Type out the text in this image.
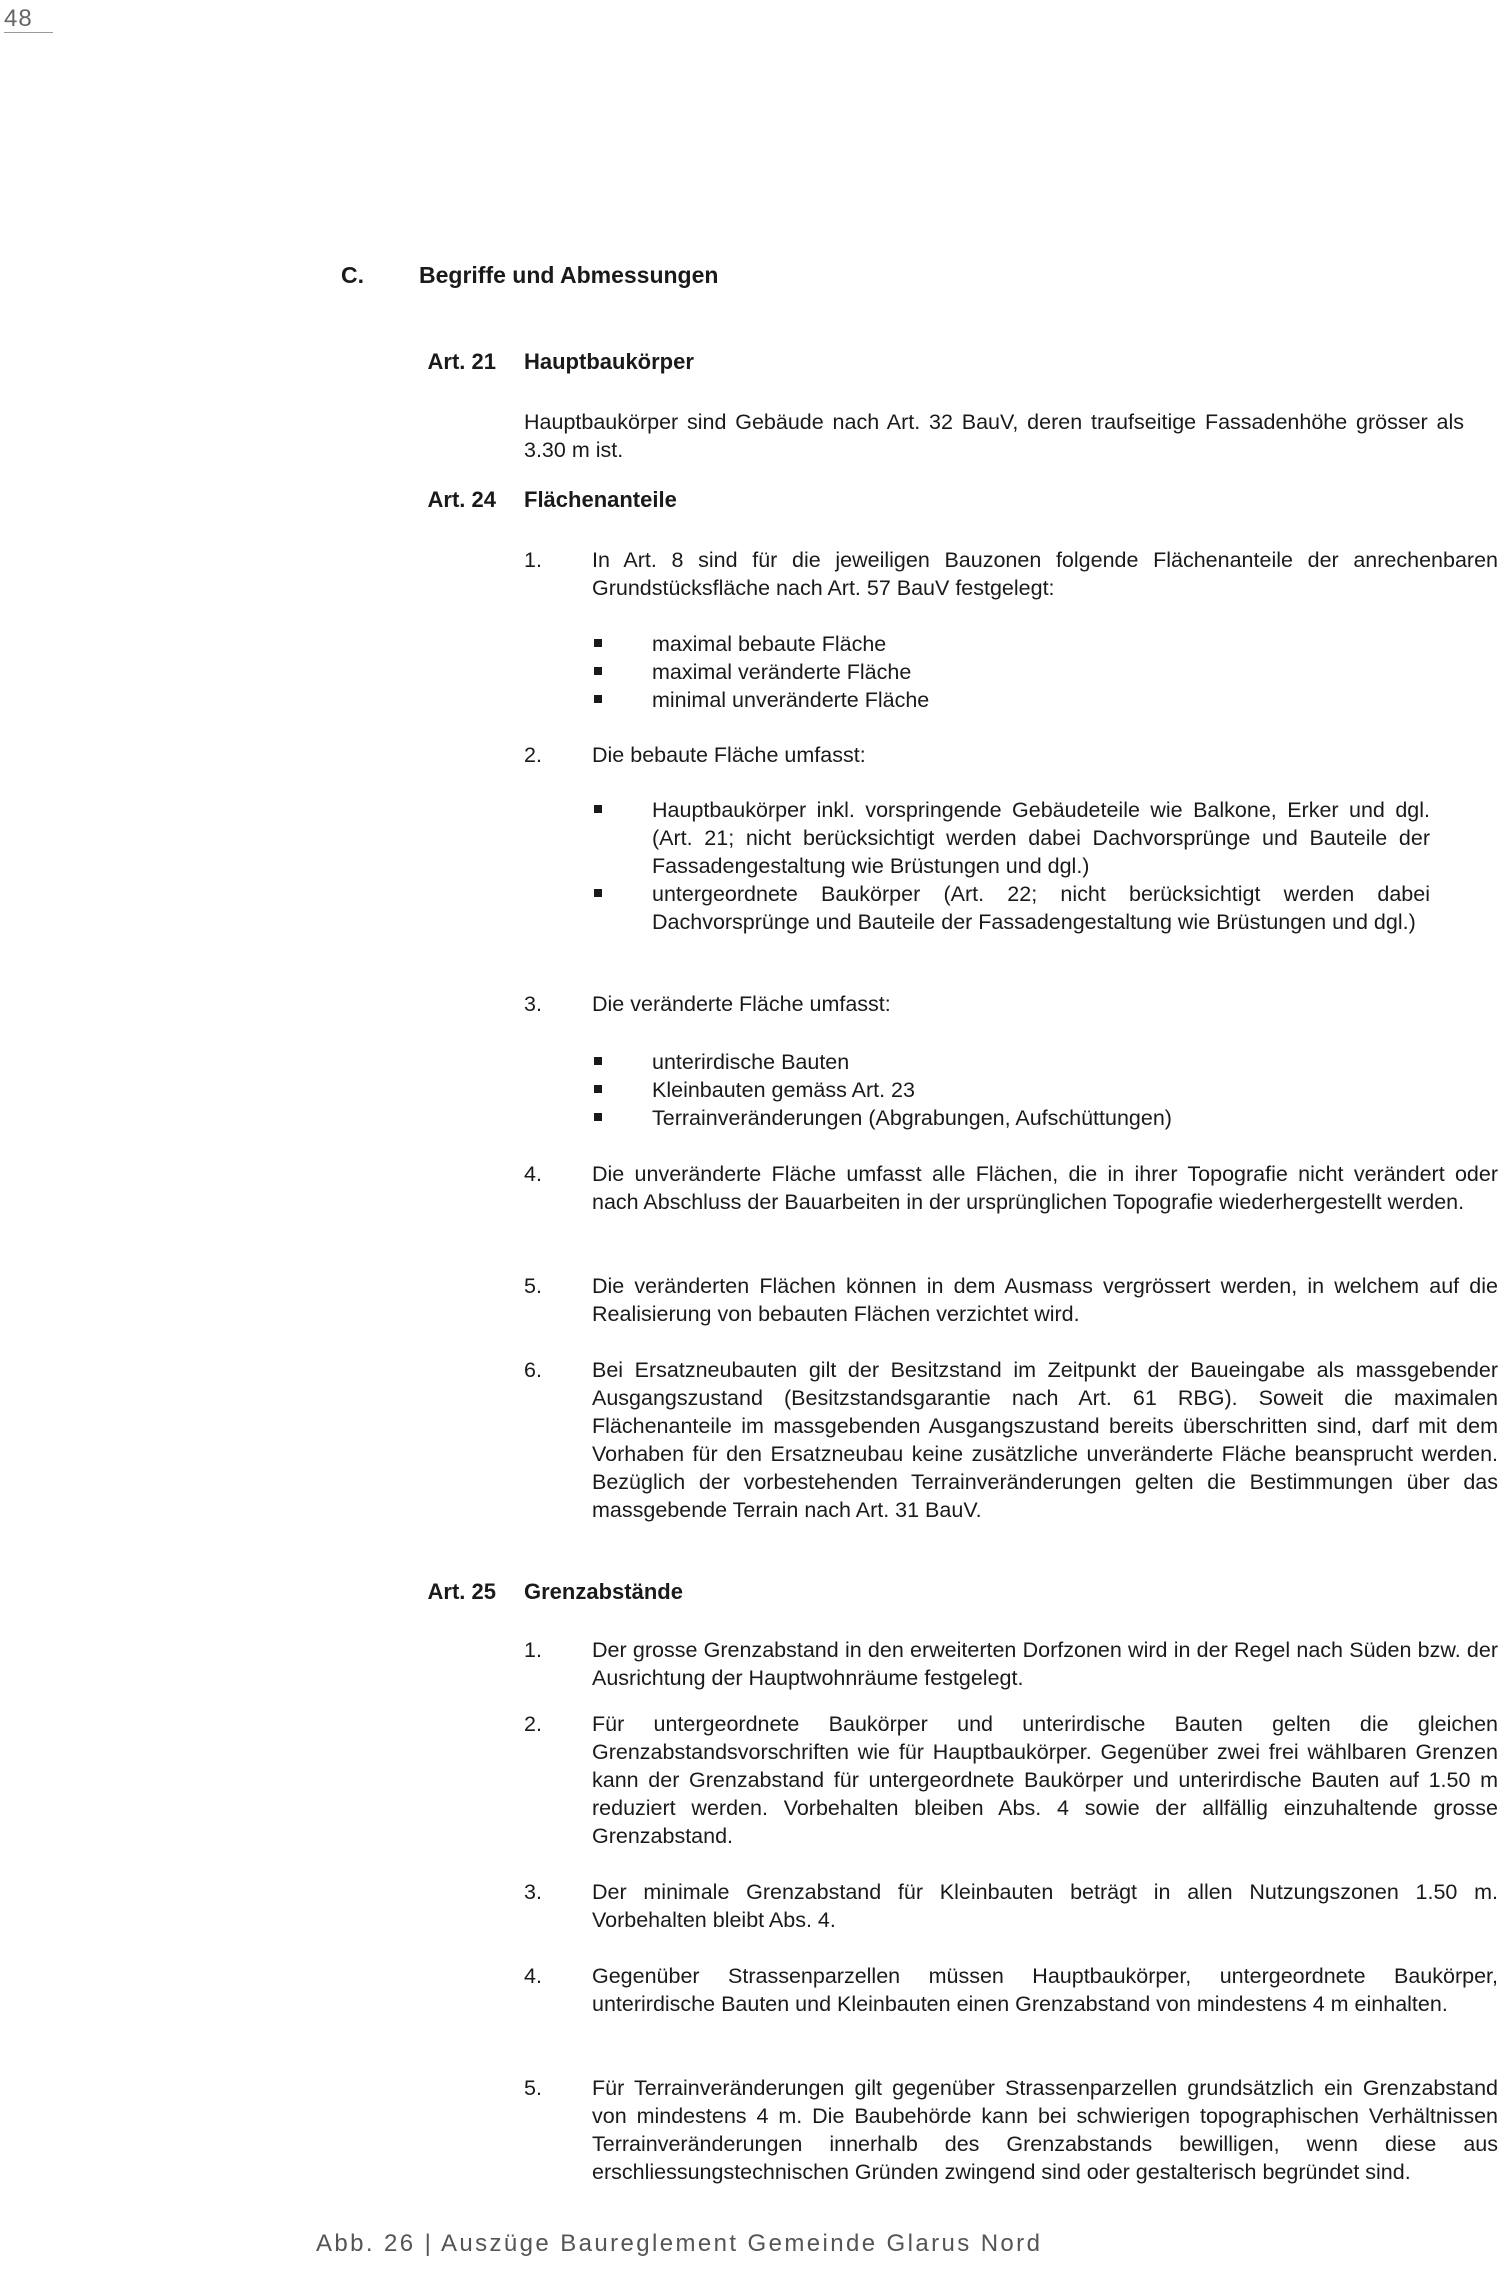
48
C. Begriffe und Abmessungen
Art. 21 Hauptbaukörper
Hauptbaukörper sind Gebäude nach Art. 32 BauV, deren traufseitige Fassadenhöhe grösser als 3.30 m ist.
Art. 24 Flächenanteile
1.	In Art. 8 sind für die jeweiligen Bauzonen folgende Flächenanteile der anrechenbaren Grundstücksfläche nach Art. 57 BauV festgelegt:
maximal bebaute Fläche
maximal veränderte Fläche
minimal unveränderte Fläche
2.	Die bebaute Fläche umfasst:
Hauptbaukörper inkl. vorspringende Gebäudeteile wie Balkone, Erker und dgl. (Art. 21; nicht berücksichtigt werden dabei Dachvorsprünge und Bauteile der Fassadengestaltung wie Brüstungen und dgl.)
untergeordnete Baukörper (Art. 22; nicht berücksichtigt werden dabei Dachvorsprünge und Bauteile der Fassadengestaltung wie Brüstungen und dgl.)
3.	Die veränderte Fläche umfasst:
unterirdische Bauten
Kleinbauten gemäss Art. 23
Terrainveränderungen (Abgrabungen, Aufschüttungen)
4.	Die unveränderte Fläche umfasst alle Flächen, die in ihrer Topografie nicht verändert oder nach Abschluss der Bauarbeiten in der ursprünglichen Topografie wiederhergestellt werden.
5.	Die veränderten Flächen können in dem Ausmass vergrössert werden, in welchem auf die Realisierung von bebauten Flächen verzichtet wird.
6.	Bei Ersatzneubauten gilt der Besitzstand im Zeitpunkt der Baueingabe als massgebender Ausgangszustand (Besitzstandsgarantie nach Art. 61 RBG). Soweit die maximalen Flächenanteile im massgebenden Ausgangszustand bereits überschritten sind, darf mit dem Vorhaben für den Ersatzneubau keine zusätzliche unveränderte Fläche beansprucht werden. Bezüglich der vorbestehenden Terrainveränderungen gelten die Bestimmungen über das massgebende Terrain nach Art. 31 BauV.
Art. 25 Grenzabstände
1.	Der grosse Grenzabstand in den erweiterten Dorfzonen wird in der Regel nach Süden bzw. der Ausrichtung der Hauptwohnräume festgelegt.
2.	Für untergeordnete Baukörper und unterirdische Bauten gelten die gleichen Grenzabstandsvorschriften wie für Hauptbaukörper. Gegenüber zwei frei wählbaren Grenzen kann der Grenzabstand für untergeordnete Baukörper und unterirdische Bauten auf 1.50 m reduziert werden. Vorbehalten bleiben Abs. 4 sowie der allfällig einzuhaltende grosse Grenzabstand.
3.	Der minimale Grenzabstand für Kleinbauten beträgt in allen Nutzungszonen 1.50 m. Vorbehalten bleibt Abs. 4.
4.	Gegenüber Strassenparzellen müssen Hauptbaukörper, untergeordnete Baukörper, unterirdische Bauten und Kleinbauten einen Grenzabstand von mindestens 4 m einhalten.
5.	Für Terrainveränderungen gilt gegenüber Strassenparzellen grundsätzlich ein Grenzabstand von mindestens 4 m. Die Baubehörde kann bei schwierigen topographischen Verhältnissen Terrainveränderungen innerhalb des Grenzabstands bewilligen, wenn diese aus erschliessungstechnischen Gründen zwingend sind oder gestalterisch begründet sind.
Abb. 26 | Auszüge Baureglement Gemeinde Glarus Nord
